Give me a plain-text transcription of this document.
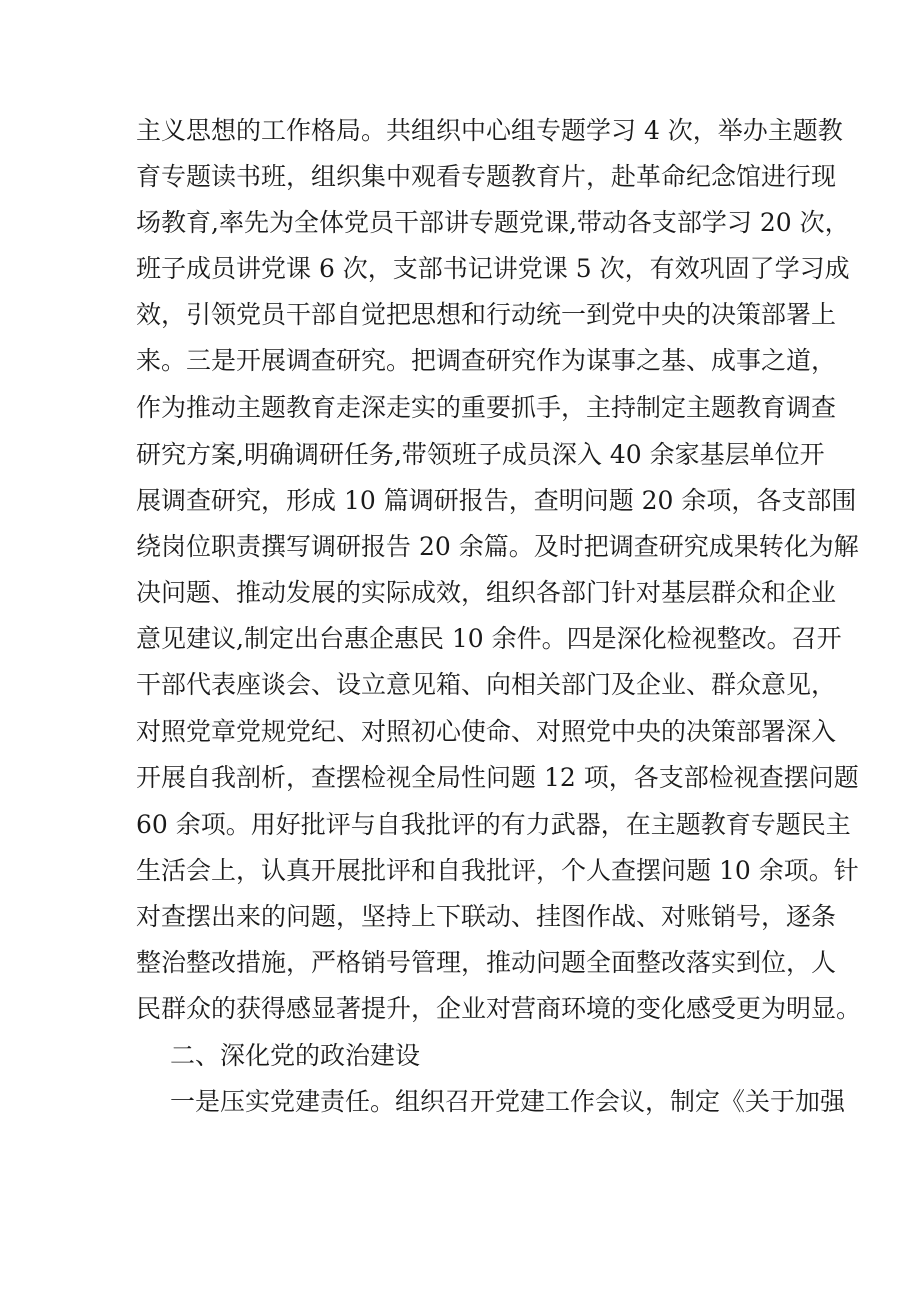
主义思想的工作格局。共组织中心组专题学习 4 次，举办主题教
育专题读书班，组织集中观看专题教育片，赴革命纪念馆进行现
场教育,率先为全体党员干部讲专题党课,带动各支部学习 20 次，
班子成员讲党课 6 次，支部书记讲党课 5 次，有效巩固了学习成
效，引领党员干部自觉把思想和行动统一到党中央的决策部署上
来。三是开展调查研究。把调查研究作为谋事之基、成事之道，
作为推动主题教育走深走实的重要抓手，主持制定主题教育调查
研究方案,明确调研任务,带领班子成员深入 40 余家基层单位开
展调查研究，形成 10 篇调研报告，查明问题 20 余项，各支部围
绕岗位职责撰写调研报告 20 余篇。及时把调查研究成果转化为解
决问题、推动发展的实际成效，组织各部门针对基层群众和企业
意见建议,制定出台惠企惠民 10 余件。四是深化检视整改。召开
干部代表座谈会、设立意见箱、向相关部门及企业、群众意见，
对照党章党规党纪、对照初心使命、对照党中央的决策部署深入
开展自我剖析，查摆检视全局性问题 12 项，各支部检视查摆问题
60 余项。用好批评与自我批评的有力武器，在主题教育专题民主
生活会上，认真开展批评和自我批评，个人查摆问题 10 余项。针
对查摆出来的问题，坚持上下联动、挂图作战、对账销号，逐条
整治整改措施，严格销号管理，推动问题全面整改落实到位，人
民群众的获得感显著提升，企业对营商环境的变化感受更为明显。
二、深化党的政治建设
一是压实党建责任。组织召开党建工作会议，制定《关于加强
